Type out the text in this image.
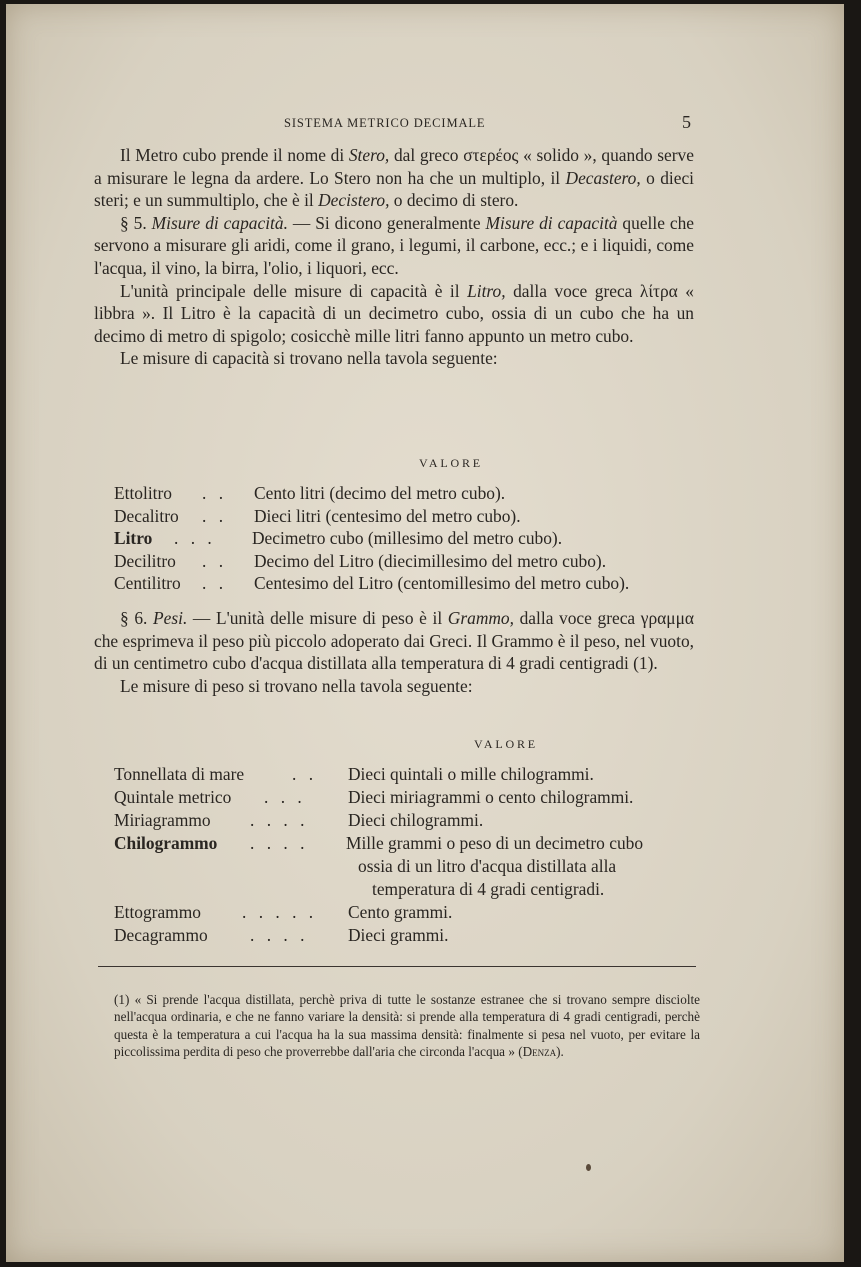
SISTEMA METRICO DECIMALE	5

Il Metro cubo prende il nome di Stero, dal greco στερέος « solido », quando serve a misurare le legna da ardere. Lo Stero non ha che un multiplo, il Decastero, o dieci steri; e un summultiplo, che è il Decistero, o decimo di stero.

§ 5. Misure di capacità. — Si dicono generalmente Misure di capacità quelle che servono a misurare gli aridi, come il grano, i legumi, il carbone, ecc.; e i liquidi, come l'acqua, il vino, la birra, l'olio, i liquori, ecc.

L'unità principale delle misure di capacità è il Litro, dalla voce greca λίτρα « libbra ». Il Litro è la capacità di un decimetro cubo, ossia di un cubo che ha un decimo di metro di spigolo; cosicchè mille litri fanno appunto un metro cubo.

Le misure di capacità si trovano nella tavola seguente:

VALORE
Ettolitro . . Cento litri (decimo del metro cubo).
Decalitro . . Dieci litri (centesimo del metro cubo).
Litro . . . Decimetro cubo (millesimo del metro cubo).
Decilitro . . Decimo del Litro (diecimillesimo del metro cubo).
Centilitro . . Centesimo del Litro (centomillesimo del metro cubo).

§ 6. Pesi. — L'unità delle misure di peso è il Grammo, dalla voce greca γραμμα che esprimeva il peso più piccolo adoperato dai Greci. Il Grammo è il peso, nel vuoto, di un centimetro cubo d'acqua distillata alla temperatura di 4 gradi centigradi (1).

Le misure di peso si trovano nella tavola seguente:

VALORE
Tonnellata di mare	. . Dieci quintali o mille chilogrammi.
Quintale metrico . . . Dieci miriagrammi o cento chilogrammi.
Miriagrammo . . . . Dieci chilogrammi.
Chilogrammo . . . . Mille grammi o peso di un decimetro cubo
ossia di un litro d'acqua distillata alla
temperatura di 4 gradi centigradi.
Ettogrammo . . . . . Cento grammi.
Decagrammo . . . . Dieci grammi.

(1) « Si prende l'acqua distillata, perchè priva di tutte le sostanze estranee che si trovano sempre disciolte nell'acqua ordinaria, e che ne fanno variare la densità: si prende alla temperatura di 4 gradi centigradi, perchè questa è la temperatura a cui l'acqua ha la sua massima densità: finalmente si pesa nel vuoto, per evitare la piccolissima perdita di peso che proverrebbe dall'aria che circonda l'acqua » (Denza).
